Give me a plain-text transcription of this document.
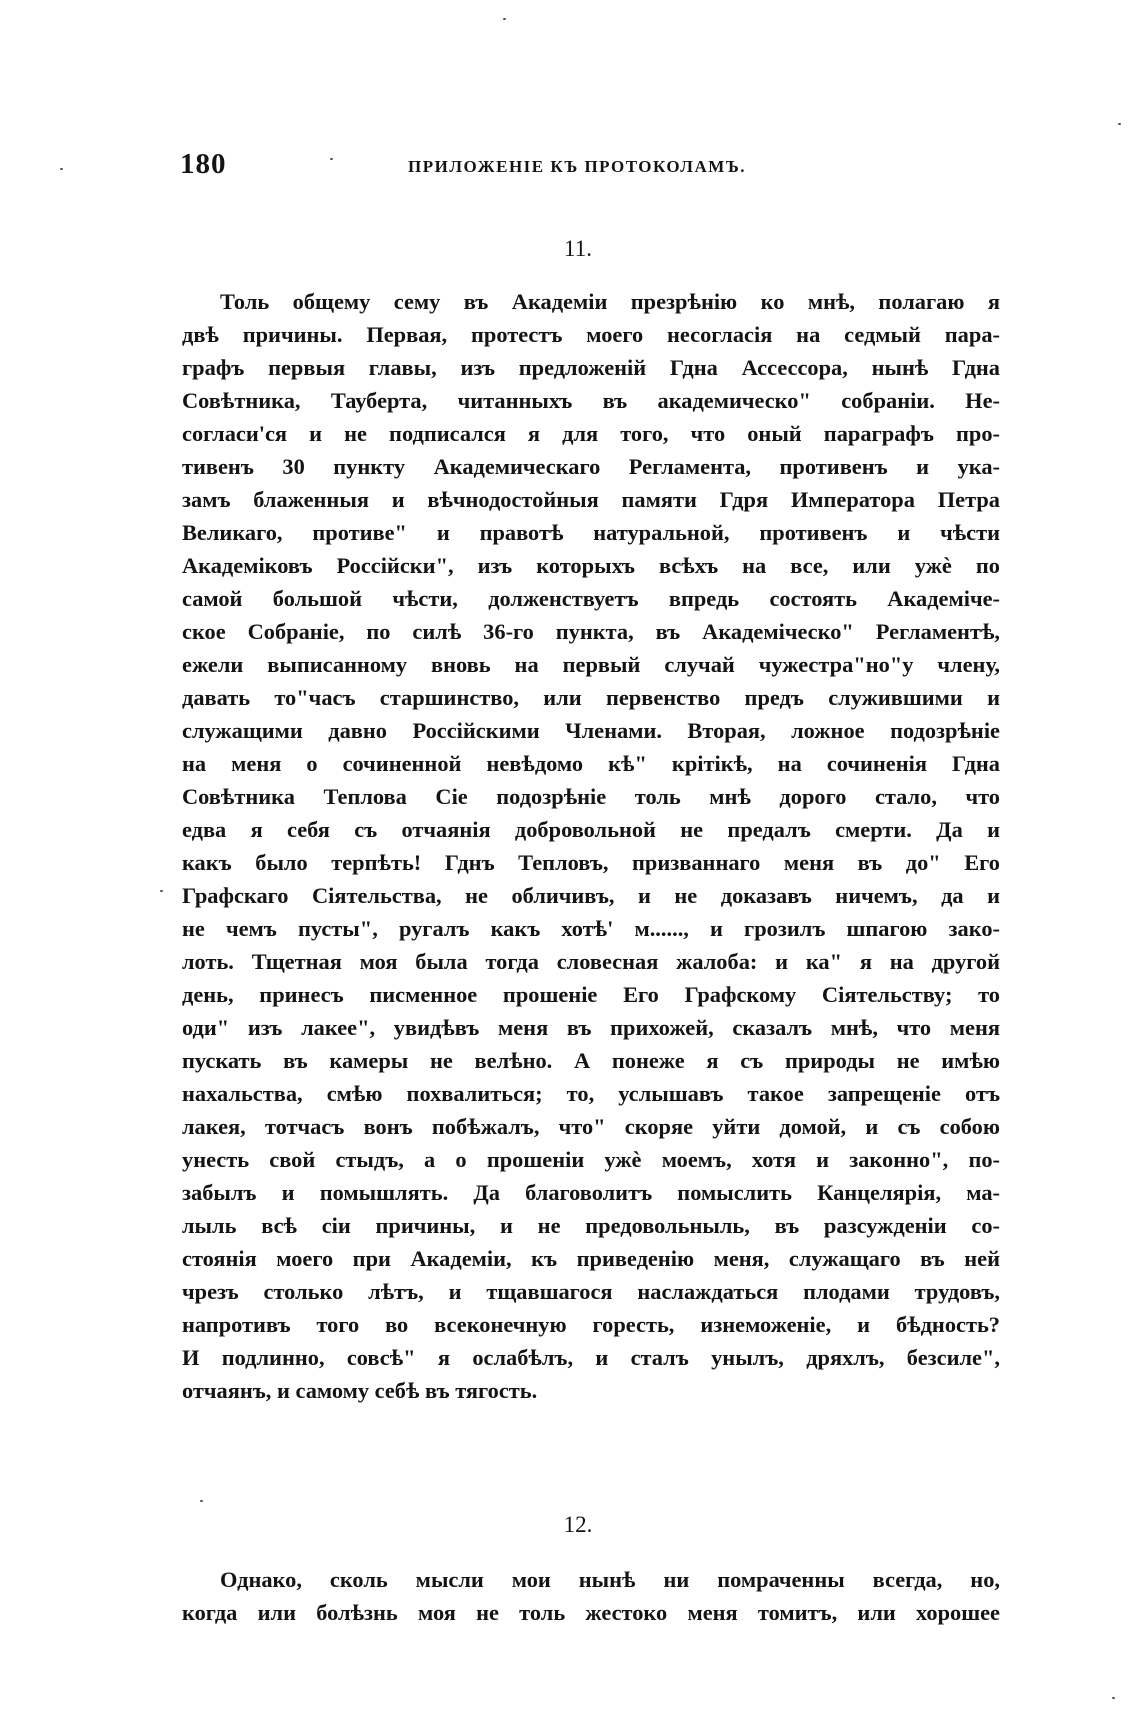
180	ПРИЛОЖЕНІЕ КЪ ПРОТОКОЛАМЪ.
11.
Толь общему сему въ Академіи презрѣнію ко мнѣ, полагаю я
двѣ причины. Первая, протестъ моего несогласія на седмый пара-
графъ первыя главы, изъ предложеній Гдна Ассессора, нынѣ Гдна
Совѣтника, Тауберта, читанныхъ въ академическо" собраніи. Не-
согласи'ся и не подписался я для того, что оный параграфъ про-
тивенъ 30 пункту Академическаго Регламента, противенъ и ука-
замъ блаженныя и вѣчнодостойныя памяти Гдря Императора Петра
Великаго, противе" и правотѣ натуральной, противенъ и чѣсти
Академіковъ Россійски", изъ которыхъ всѣхъ на все, или ужѐ по
самой большой чѣсти, долженствуетъ впредь состоять Академіче-
ское Собраніе, по силѣ 36-го пункта, въ Академіческо" Регламентѣ,
ежели выписанному вновь на первый случай чужестра"но"у члену,
давать то"часъ старшинство, или первенство предъ служившими и
служащими давно Россійскими Членами. Вторая, ложное подозрѣніе
на меня о сочиненной невѣдомо кѣ" крітікѣ, на сочиненія Гдна
Совѣтника Теплова Сіе подозрѣніе толь мнѣ дорого стало, что
едва я себя съ отчаянія добровольной не предалъ смерти. Да и
какъ было терпѣть! Гднъ Тепловъ, призваннаго меня въ до" Его
Графскаго Сіятельства, не обличивъ, и не доказавъ ничемъ, да и
не чемъ пусты", ругалъ какъ хотѣ' м......, и грозилъ шпагою зако-
лоть. Тщетная моя была тогда словесная жалоба: и ка" я на другой
день, принесъ писменное прошеніе Его Графскому Сіятельству; то
оди" изъ лакее", увидѣвъ меня въ прихожей, сказалъ мнѣ, что меня
пускать въ камеры не велѣно. А понеже я съ природы не имѣю
нахальства, смѣю похвалиться; то, услышавъ такое запрещеніе отъ
лакея, тотчасъ вонъ побѣжалъ, что" скоряе уйти домой, и съ собою
унесть свой стыдъ, а о прошеніи ужѐ моемъ, хотя и законно", по-
забылъ и помышлять. Да благоволитъ помыслить Канцелярія, ма-
лыль всѣ сіи причины, и не предовольныль, въ разсужденіи со-
стоянія моего при Академіи, къ приведенію меня, служащаго въ ней
чрезъ столько лѣтъ, и тщавшагося наслаждаться плодами трудовъ,
напротивъ того во всеконечную горесть, изнеможеніе, и бѣдность?
И подлинно, совсѣ" я ослабѣлъ, и сталъ унылъ, дряхлъ, безсиле",
отчаянъ, и самому себѣ въ тягость.
12.
Однако, сколь мысли мои нынѣ ни помраченны всегда, но,
когда или болѣзнь моя не толь жестоко меня томитъ, или хорошее
